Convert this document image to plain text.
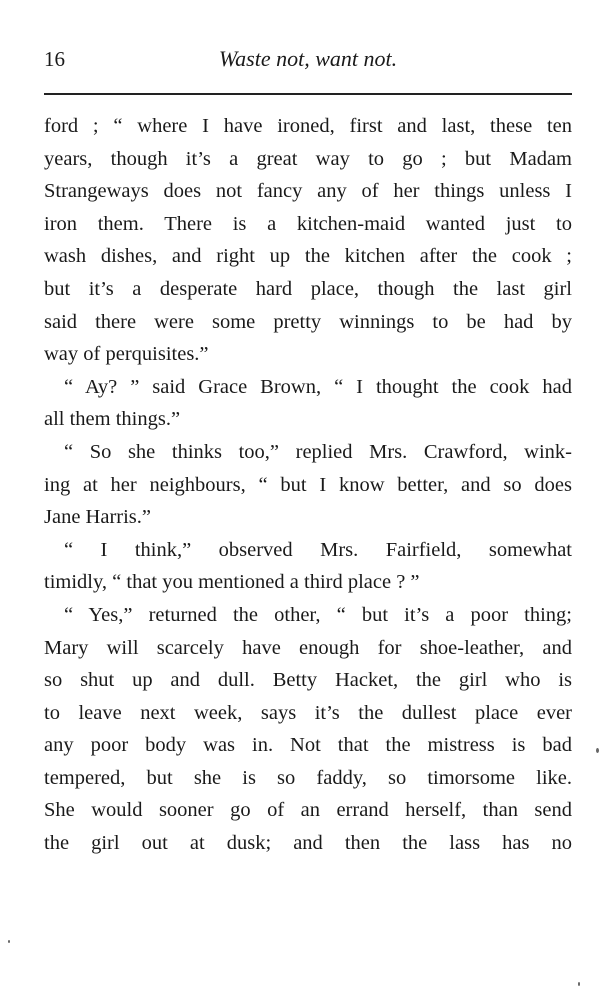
16	Waste not, want not.

ford ; “ where I have ironed, first and last, these ten
years, though it’s a great way to go ; but Madam
Strangeways does not fancy any of her things unless I
iron them. There is a kitchen-maid wanted just to
wash dishes, and right up the kitchen after the cook ;
but it’s a desperate hard place, though the last girl
said there were some pretty winnings to be had by
way of perquisites.”

“ Ay? ” said Grace Brown, “ I thought the cook had
all them things.”

“ So she thinks too,” replied Mrs. Crawford, wink-
ing at her neighbours, “ but I know better, and so does
Jane Harris.”

“ I think,” observed Mrs. Fairfield, somewhat
timidly, “ that you mentioned a third place ? ”

“ Yes,” returned the other, “ but it’s a poor thing;
Mary will scarcely have enough for shoe-leather, and
so shut up and dull. Betty Hacket, the girl who is
to leave next week, says it’s the dullest place ever
any poor body was in. Not that the mistress is bad
tempered, but she is so faddy, so timorsome like.
She would sooner go of an errand herself, than send
the girl out at dusk; and then the lass has no
